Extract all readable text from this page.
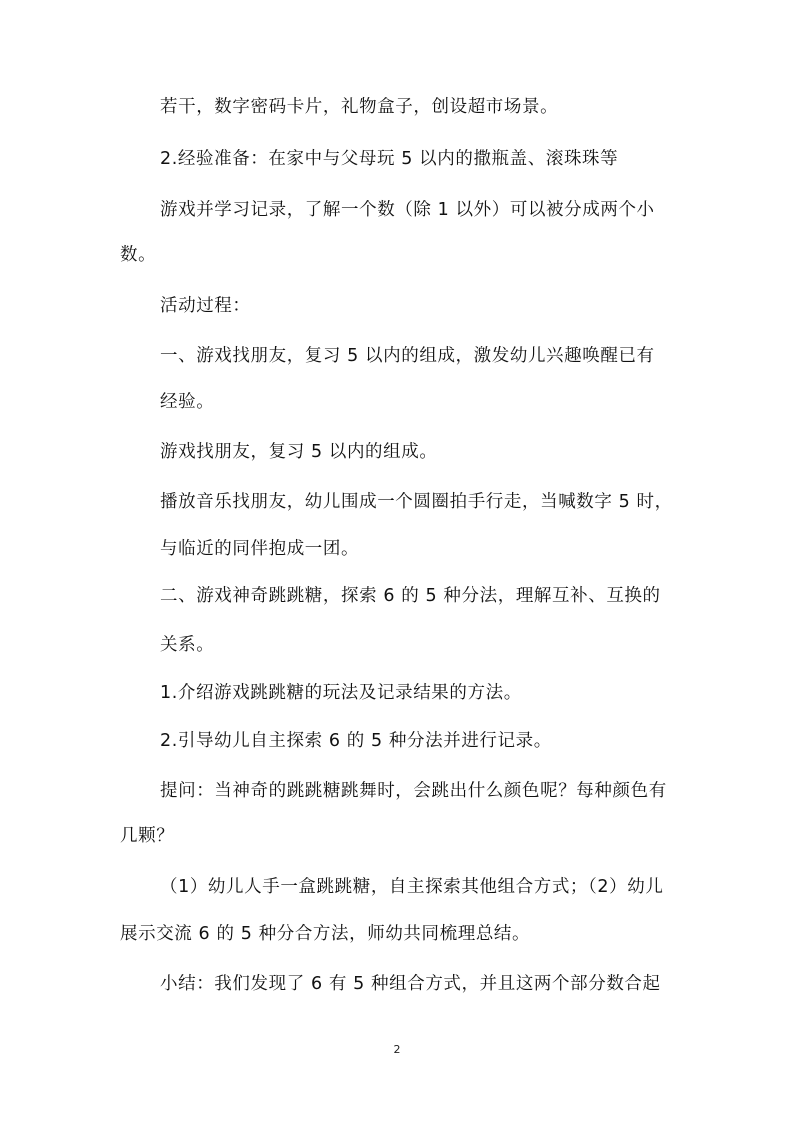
若干，数字密码卡片，礼物盒子，创设超市场景。

2.经验准备：在家中与父母玩 5 以内的撒瓶盖、滚珠珠等

游戏并学习记录，了解一个数（除 1 以外）可以被分成两个小

数。

活动过程：

一、游戏找朋友，复习 5 以内的组成，激发幼儿兴趣唤醒已有

经验。

游戏找朋友，复习 5 以内的组成。

播放音乐找朋友，幼儿围成一个圆圈拍手行走，当喊数字 5 时，

与临近的同伴抱成一团。

二、游戏神奇跳跳糖，探索 6 的 5 种分法，理解互补、互换的

关系。

1.介绍游戏跳跳糖的玩法及记录结果的方法。

2.引导幼儿自主探索 6 的 5 种分法并进行记录。

提问：当神奇的跳跳糖跳舞时，会跳出什么颜色呢？每种颜色有

几颗？

（1）幼儿人手一盒跳跳糖，自主探索其他组合方式；（2）幼儿

展示交流 6 的 5 种分合方法，师幼共同梳理总结。

小结：我们发现了 6 有 5 种组合方式，并且这两个部分数合起

2
